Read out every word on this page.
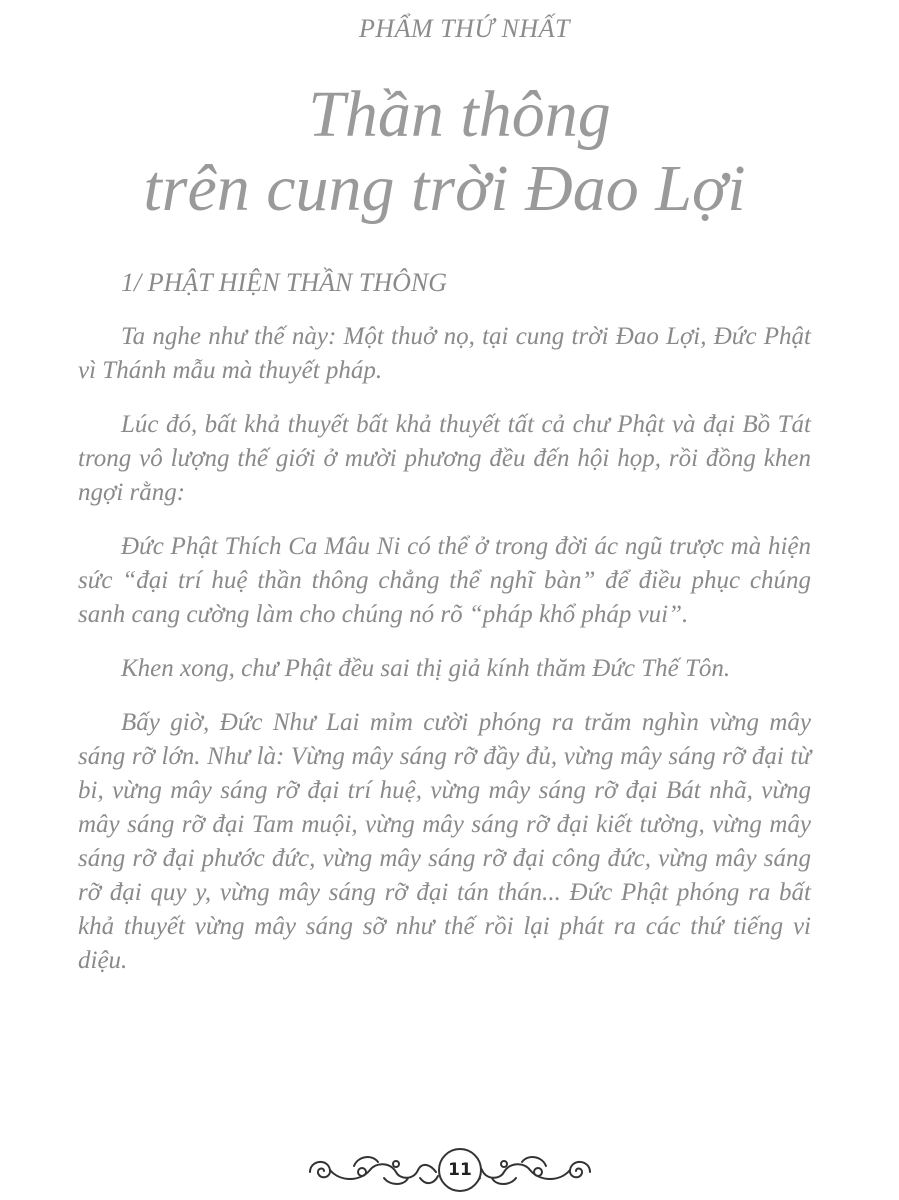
PHẨM THỨ NHẤT
Thần thông
trên cung trời Đao Lợi
1/ PHẬT HIỆN THẦN THÔNG

Ta nghe như thế này: Một thuở nọ, tại cung trời Đao Lợi, Đức Phật vì Thánh mẫu mà thuyết pháp.

Lúc đó, bất khả thuyết bất khả thuyết tất cả chư Phật và đại Bồ Tát trong vô lượng thế giới ở mười phương đều đến hội họp, rồi đồng khen ngợi rằng:

Đức Phật Thích Ca Mâu Ni có thể ở trong đời ác ngũ trược mà hiện sức “đại trí huệ thần thông chẳng thể nghĩ bàn” để điều phục chúng sanh cang cường làm cho chúng nó rõ “pháp khổ pháp vui”.

Khen xong, chư Phật đều sai thị giả kính thăm Đức Thế Tôn.

Bấy giờ, Đức Như Lai mỉm cười phóng ra trăm nghìn vừng mây sáng rỡ lớn. Như là: Vừng mây sáng rỡ đầy đủ, vừng mây sáng rỡ đại từ bi, vừng mây sáng rỡ đại trí huệ, vừng mây sáng rỡ đại Bát nhã, vừng mây sáng rỡ đại Tam muội, vừng mây sáng rỡ đại kiết tường, vừng mây sáng rỡ đại phước đức, vừng mây sáng rỡ đại công đức, vừng mây sáng rỡ đại quy y, vừng mây sáng rỡ đại tán thán... Đức Phật phóng ra bất khả thuyết vừng mây sáng sỡ như thế rồi lại phát ra các thứ tiếng vi diệu.

11
